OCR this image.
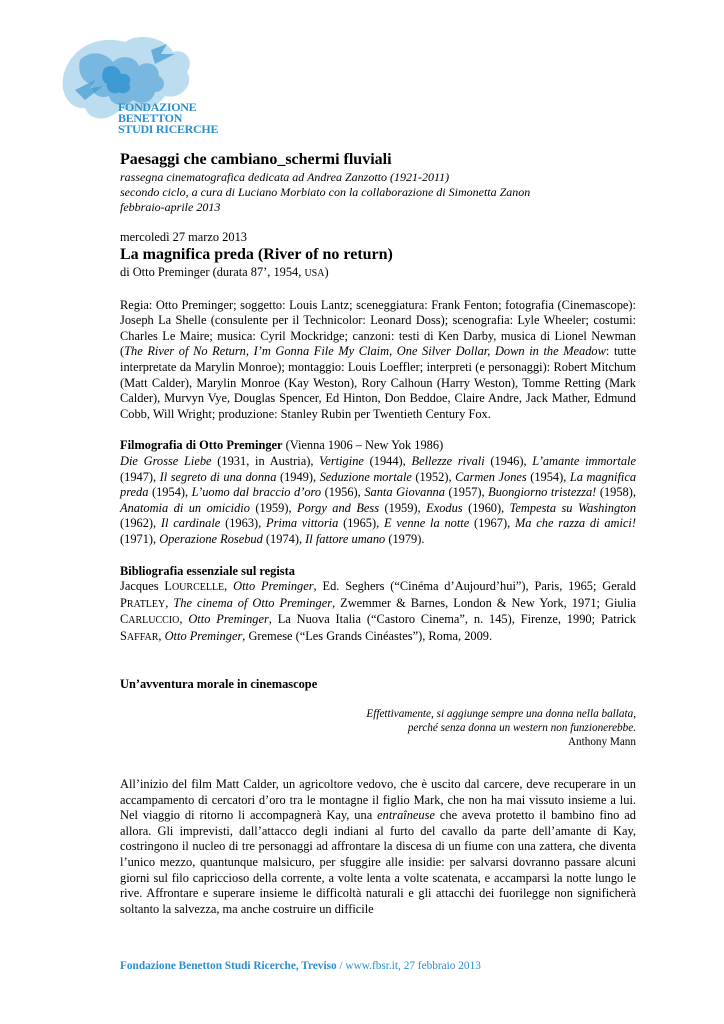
FONDAZIONE
BENETTON
STUDI RICERCHE
Paesaggi che cambiano_schermi fluviali
rassegna cinematografica dedicata ad Andrea Zanzotto (1921-2011)
secondo ciclo, a cura di Luciano Morbiato con la collaborazione di Simonetta Zanon
febbraio-aprile 2013
mercoledì 27 marzo 2013
La magnifica preda (River of no return)
di Otto Preminger (durata 87’, 1954, USA)

Regia: Otto Preminger; soggetto: Louis Lantz; sceneggiatura: Frank Fenton; fotografia (Cinemascope): Joseph La Shelle (consulente per il Technicolor: Leonard Doss); scenografia: Lyle Wheeler; costumi: Charles Le Maire; musica: Cyril Mockridge; canzoni: testi di Ken Darby, musica di Lionel Newman (The River of No Return, I’m Gonna File My Claim, One Silver Dollar, Down in the Meadow: tutte interpretate da Marylin Monroe); montaggio: Louis Loeffler; interpreti (e personaggi): Robert Mitchum (Matt Calder), Marylin Monroe (Kay Weston), Rory Calhoun (Harry Weston), Tomme Retting (Mark Calder), Murvyn Vye, Douglas Spencer, Ed Hinton, Don Beddoe, Claire Andre, Jack Mather, Edmund Cobb, Will Wright; produzione: Stanley Rubin per Twentieth Century Fox.

Filmografia di Otto Preminger (Vienna 1906 – New Yok 1986)

Die Grosse Liebe (1931, in Austria), Vertigine (1944), Bellezze rivali (1946), L’amante immortale (1947), Il segreto di una donna (1949), Seduzione mortale (1952), Carmen Jones (1954), La magnifica preda (1954), L’uomo dal braccio d’oro (1956), Santa Giovanna (1957), Buongiorno tristezza! (1958), Anatomia di un omicidio (1959), Porgy and Bess (1959), Exodus (1960), Tempesta su Washington (1962), Il cardinale (1963), Prima vittoria (1965), E venne la notte (1967), Ma che razza di amici! (1971), Operazione Rosebud (1974), Il fattore umano (1979).

Bibliografia essenziale sul regista

Jacques LOURCELLE, Otto Preminger, Ed. Seghers (“Cinéma d’Aujourd’hui”), Paris, 1965; Gerald PRATLEY, The cinema of Otto Preminger, Zwemmer & Barnes, London & New York, 1971; Giulia CARLUCCIO, Otto Preminger, La Nuova Italia (“Castoro Cinema”, n. 145), Firenze, 1990; Patrick SAFFAR, Otto Preminger, Gremese (“Les Grands Cinéastes”), Roma, 2009.

Un’avventura morale in cinemascope
Effettivamente, si aggiunge sempre una donna nella ballata,
perché senza donna un western non funzionerebbe.
Anthony Mann

All’inizio del film Matt Calder, un agricoltore vedovo, che è uscito dal carcere, deve recuperare in un accampamento di cercatori d’oro tra le montagne il figlio Mark, che non ha mai vissuto insieme a lui. Nel viaggio di ritorno li accompagnerà Kay, una entraîneuse che aveva protetto il bambino fino ad allora. Gli imprevisti, dall’attacco degli indiani al furto del cavallo da parte dell’amante di Kay, costringono il nucleo di tre personaggi ad affrontare la discesa di un fiume con una zattera, che diventa l’unico mezzo, quantunque malsicuro, per sfuggire alle insidie: per salvarsi dovranno passare alcuni giorni sul filo capriccioso della corrente, a volte lenta a volte scatenata, e accamparsi la notte lungo le rive. Affrontare e superare insieme le difficoltà naturali e gli attacchi dei fuorilegge non significherà soltanto la salvezza, ma anche costruire un difficile

Fondazione Benetton Studi Ricerche, Treviso / www.fbsr.it, 27 febbraio 2013
